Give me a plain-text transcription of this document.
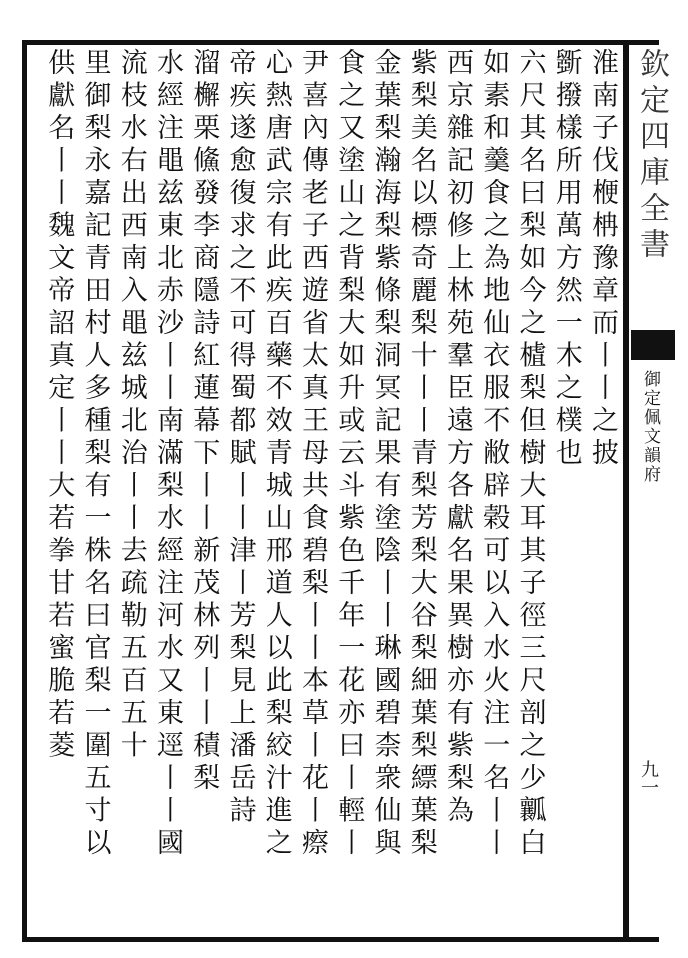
欽定四庫全書
御定佩文韻府
九一
淮南子伐楩柟豫章而丨丨之披
斵撥樣所用萬方然一木之樸也
六尺其名曰梨如今之樝梨但樹大耳其子徑三尺剖之少瓤白
如素和羹食之為地仙衣服不敝辟榖可以入水火注一名丨丨
西京雜記初修上林苑羣臣遠方各獻名果異樹亦有紫梨為
紫梨美名以標奇麗梨十丨丨青梨芳梨大谷梨細葉梨縹葉梨
金葉梨瀚海梨紫條梨洞冥記果有塗陰丨丨琳國碧柰衆仙與
食之又塗山之背梨大如升或云斗紫色千年一花亦曰丨輕丨
尹喜內傳老子西遊省太真王母共食碧梨丨丨本草丨花丨瘵
心熱唐武宗有此疾百藥不效青城山邢道人以此梨絞汁進之
帝疾遂愈復求之不可得蜀都賦丨丨津丨芳梨見上潘岳詩
溜檞栗鯈發李商隱詩紅蓮幕下丨丨新茂林列丨丨積梨
水經注黽兹東北赤沙丨丨南滿梨水經注河水又東逕丨丨國
流枝水右出西南入黽兹城北治丨丨去疏勒五百五十
里御梨永嘉記青田村人多種梨有一株名曰官梨一圍五寸以
供獻名丨丨魏文帝詔真定丨丨大若拳甘若蜜脆若菱
